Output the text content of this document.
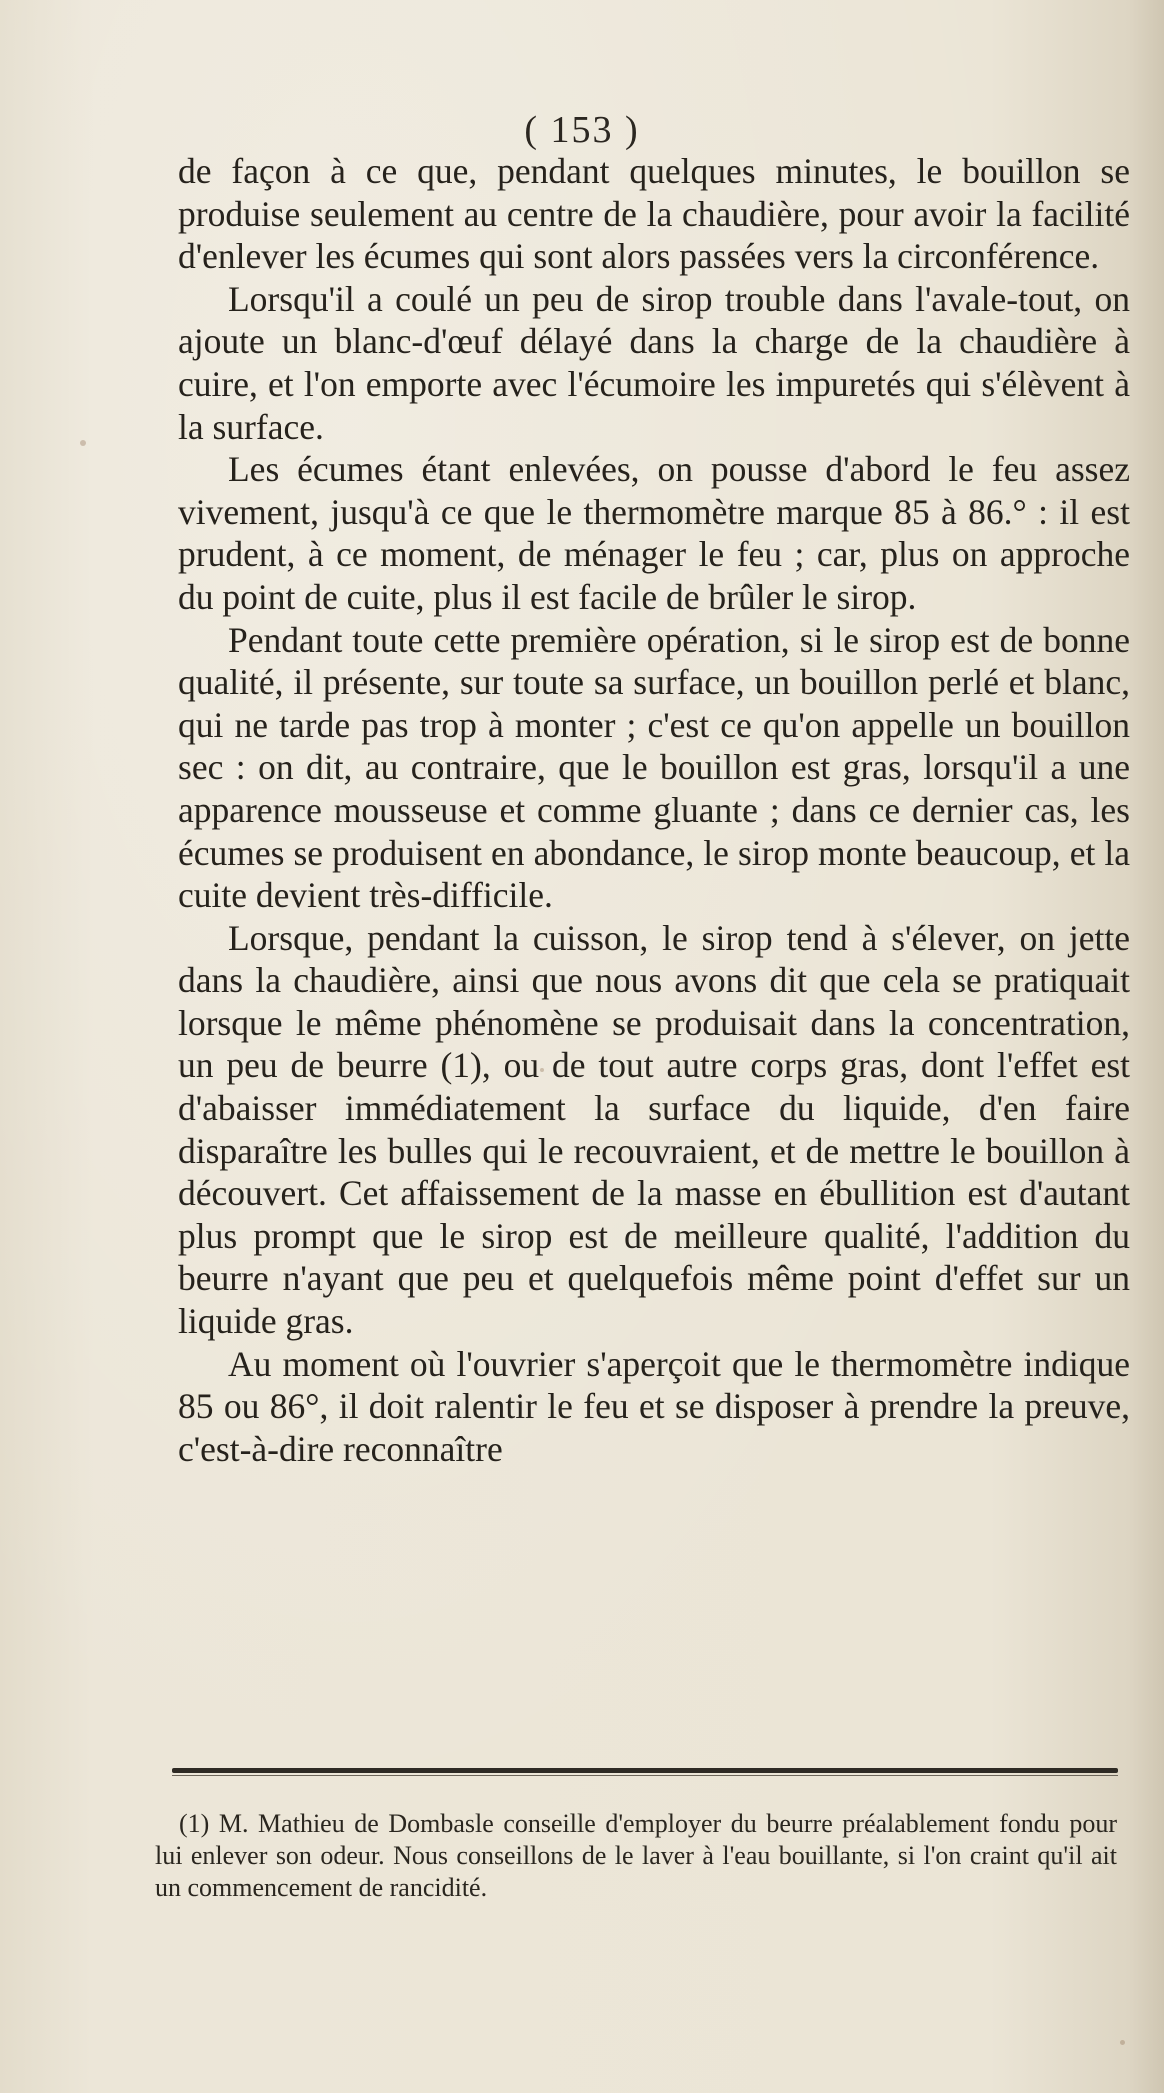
( 153 )

de façon à ce que, pendant quelques minutes, le bouillon se produise seulement au centre de la chaudière, pour avoir la facilité d'enlever les écumes qui sont alors passées vers la circonférence.

Lorsqu'il a coulé un peu de sirop trouble dans l'avale-tout, on ajoute un blanc-d'œuf délayé dans la charge de la chaudière à cuire, et l'on emporte avec l'écumoire les impuretés qui s'élèvent à la surface.

Les écumes étant enlevées, on pousse d'abord le feu assez vivement, jusqu'à ce que le thermomètre marque 85 à 86.° : il est prudent, à ce moment, de ménager le feu ; car, plus on approche du point de cuite, plus il est facile de brûler le sirop.

Pendant toute cette première opération, si le sirop est de bonne qualité, il présente, sur toute sa surface, un bouillon perlé et blanc, qui ne tarde pas trop à monter ; c'est ce qu'on appelle un bouillon sec : on dit, au contraire, que le bouillon est gras, lorsqu'il a une apparence mousseuse et comme gluante ; dans ce dernier cas, les écumes se produisent en abondance, le sirop monte beaucoup, et la cuite devient très-difficile.

Lorsque, pendant la cuisson, le sirop tend à s'élever, on jette dans la chaudière, ainsi que nous avons dit que cela se pratiquait lorsque le même phénomène se produisait dans la concentration, un peu de beurre (1), ou de tout autre corps gras, dont l'effet est d'abaisser immédiatement la surface du liquide, d'en faire disparaître les bulles qui le recouvraient, et de mettre le bouillon à découvert. Cet affaissement de la masse en ébullition est d'autant plus prompt que le sirop est de meilleure qualité, l'addition du beurre n'ayant que peu et quelquefois même point d'effet sur un liquide gras.

Au moment où l'ouvrier s'aperçoit que le thermomètre indique 85 ou 86°, il doit ralentir le feu et se disposer à prendre la preuve, c'est-à-dire reconnaître

(1) M. Mathieu de Dombasle conseille d'employer du beurre préalablement fondu pour lui enlever son odeur. Nous conseillons de le laver à l'eau bouillante, si l'on craint qu'il ait un commencement de rancidité.
